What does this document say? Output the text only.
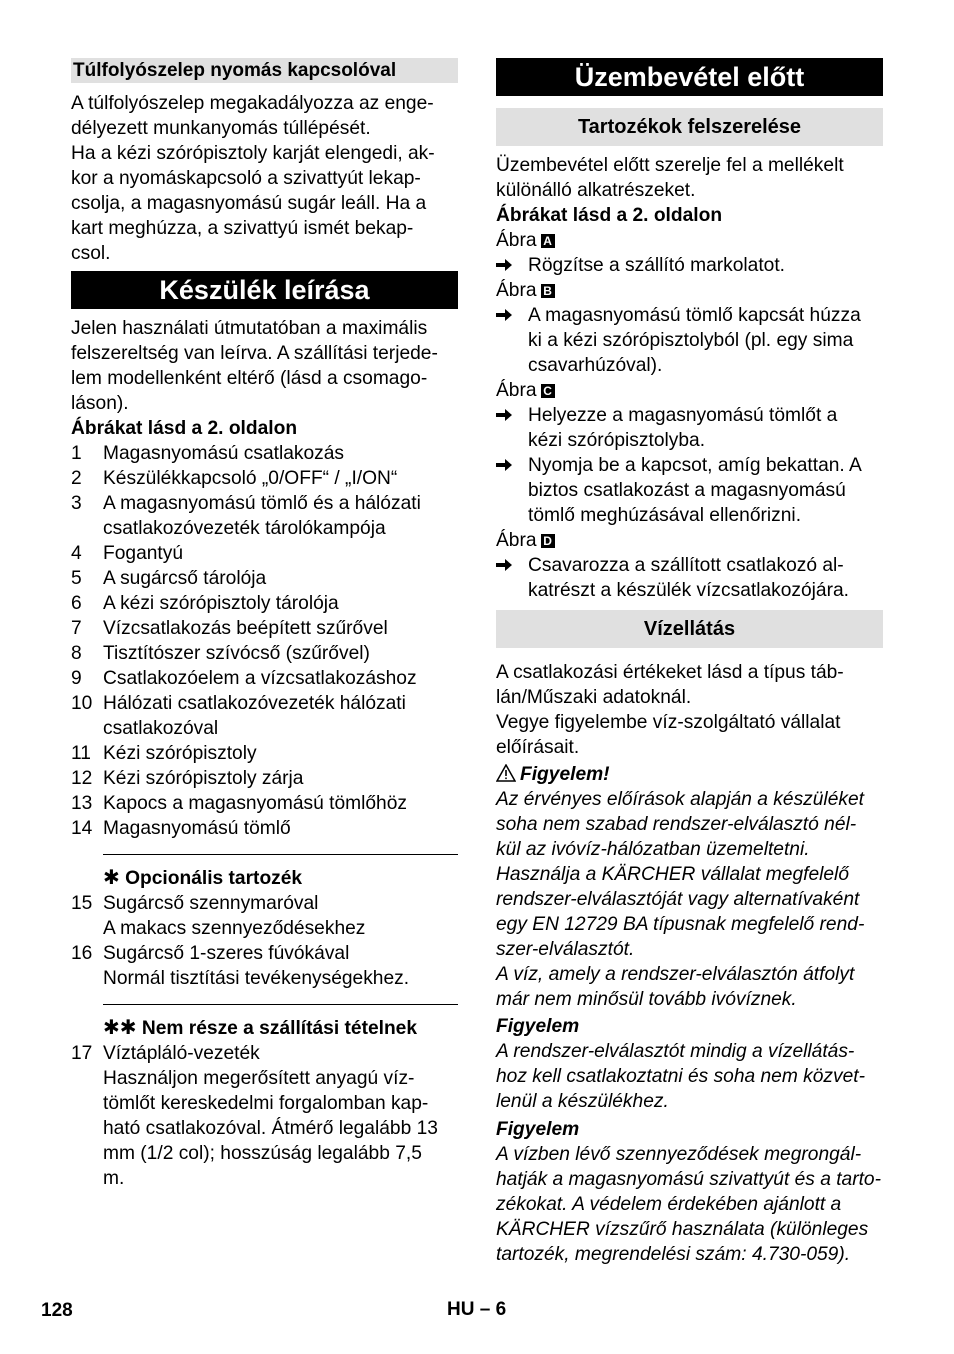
Túlfolyószelep nyomás kapcsolóval

A túlfolyószelep megakadályozza az enge-

délyezett munkanyomás túllépését.

Ha a kézi szórópisztoly karját elengedi, ak-

kor a nyomáskapcsoló a szivattyút lekap-

csolja, a magasnyomású sugár leáll. Ha a

kart meghúzza, a szivattyú ismét bekap-

csol.

Készülék leírása

Jelen használati útmutatóban a maximális

felszereltség van leírva. A szállítási terjede-

lem modellenként eltérő (lásd a csomago-

láson).

Ábrákat lásd a 2. oldalon

1	Magasnyomású csatlakozás
2	Készülékkapcsoló „0/OFF“ / „I/ON“
3	A magasnyomású tömlő és a hálózati
csatlakozóvezeték tárolókampója
4	Fogantyú
5	A sugárcső tárolója
6	A kézi szórópisztoly tárolója
7	Vízcsatlakozás beépített szűrővel
8	Tisztítószer szívócső (szűrővel)
9	Csatlakozóelem a vízcsatlakozáshoz
10 Hálózati csatlakozóvezeték hálózati
csatlakozóval
11 Kézi szórópisztoly
12 Kézi szórópisztoly zárja
13 Kapocs a magasnyomású tömlőhöz
14 Magasnyomású tömlő
✱ Opcionális tartozék
15 Sugárcső szennymaróval
A makacs szennyeződésekhez
16 Sugárcső 1-szeres fúvókával
Normál tisztítási tevékenységekhez.
✱✱ Nem része a szállítási tételnek
17 Víztápláló-vezeték
Használjon megerősített anyagú víz-
tömlőt kereskedelmi forgalomban kap-
ható csatlakozóval. Átmérő legalább 13
mm (1/2 col); hosszúság legalább 7,5
m.
Üzembevétel előtt
Tartozékok felszerelése

Üzembevétel előtt szerelje fel a mellékelt

különálló alkatrészeket.

Ábrákat lásd a 2. oldalon

Ábra A

Rögzítse a szállító markolatot.

Ábra B

A magasnyomású tömlő kapcsát húzza
ki a kézi szórópisztolyból (pl. egy sima
csavarhúzóval).

Ábra C

Helyezze a magasnyomású tömlőt a
kézi szórópisztolyba.
Nyomja be a kapcsot, amíg bekattan. A
biztos csatlakozást a magasnyomású
tömlő meghúzásával ellenőrizni.

Ábra D

Csavarozza a szállított csatlakozó al-
katrészt a készülék vízcsatlakozójára.
Vízellátás

A csatlakozási értékeket lásd a típus táb-

lán/Műszaki adatoknál.

Vegye figyelembe víz-szolgáltató vállalat

előírásait.

Figyelem!

Az érvényes előírások alapján a készüléket

soha nem szabad rendszer-elválasztó nél-

kül az ivóvíz-hálózatban üzemeltetni.

Használja a KÄRCHER vállalat megfelelő

rendszer-elválasztóját vagy alternatívaként

egy EN 12729 BA típusnak megfelelő rend-

szer-elválasztót.

A víz, amely a rendszer-elválasztón átfolyt

már nem minősül tovább ivóvíznek.

Figyelem

A rendszer-elválasztót mindig a vízellátás-

hoz kell csatlakoztatni és soha nem közvet-

lenül a készülékhez.

Figyelem

A vízben lévő szennyeződések megrongál-

hatják a magasnyomású szivattyút és a tarto-

zékokat. A védelem érdekében ajánlott a

KÄRCHER vízszűrő használata (különleges

tartozék, megrendelési szám: 4.730-059).

128	HU – 6
